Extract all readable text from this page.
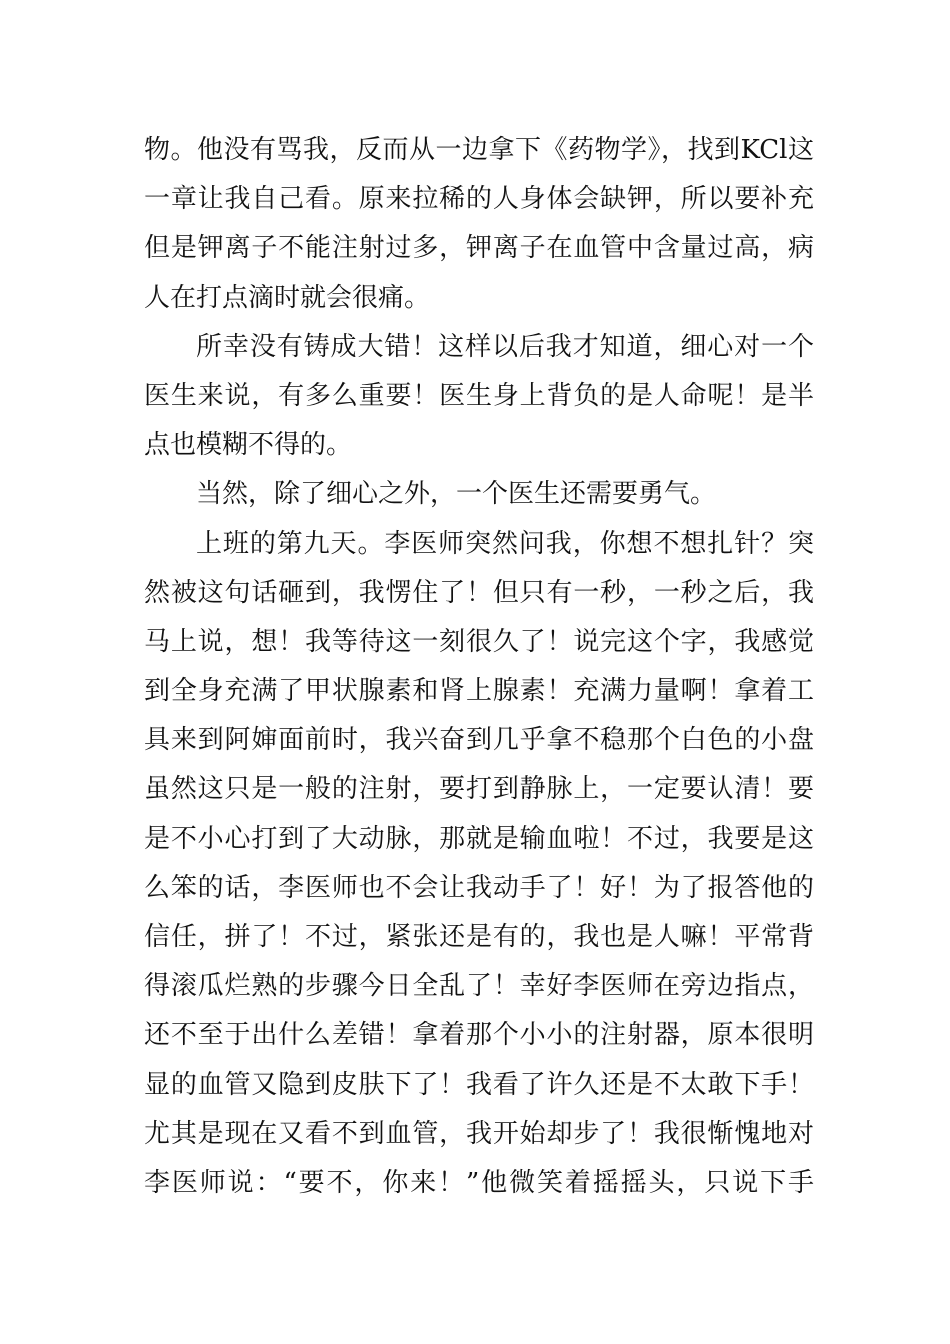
物。他没有骂我，反而从一边拿下《药物学》，找到KCl这
一章让我自己看。原来拉稀的人身体会缺钾，所以要补充
但是钾离子不能注射过多，钾离子在血管中含量过高，病
人在打点滴时就会很痛。
所幸没有铸成大错！这样以后我才知道，细心对一个
医生来说，有多么重要！医生身上背负的是人命呢！是半
点也模糊不得的。
当然，除了细心之外，一个医生还需要勇气。
上班的第九天。李医师突然问我，你想不想扎针？突
然被这句话砸到，我愣住了！但只有一秒，一秒之后，我
马上说，想！我等待这一刻很久了！说完这个字，我感觉
到全身充满了甲状腺素和肾上腺素！充满力量啊！拿着工
具来到阿婶面前时，我兴奋到几乎拿不稳那个白色的小盘
虽然这只是一般的注射，要打到静脉上，一定要认清！要
是不小心打到了大动脉，那就是输血啦！不过，我要是这
么笨的话，李医师也不会让我动手了！好！为了报答他的
信任，拼了！不过，紧张还是有的，我也是人嘛！平常背
得滚瓜烂熟的步骤今日全乱了！幸好李医师在旁边指点，
还不至于出什么差错！拿着那个小小的注射器，原本很明
显的血管又隐到皮肤下了！我看了许久还是不太敢下手！
尤其是现在又看不到血管，我开始却步了！我很惭愧地对
李医师说：“要不，你来！”他微笑着摇摇头，只说下手
